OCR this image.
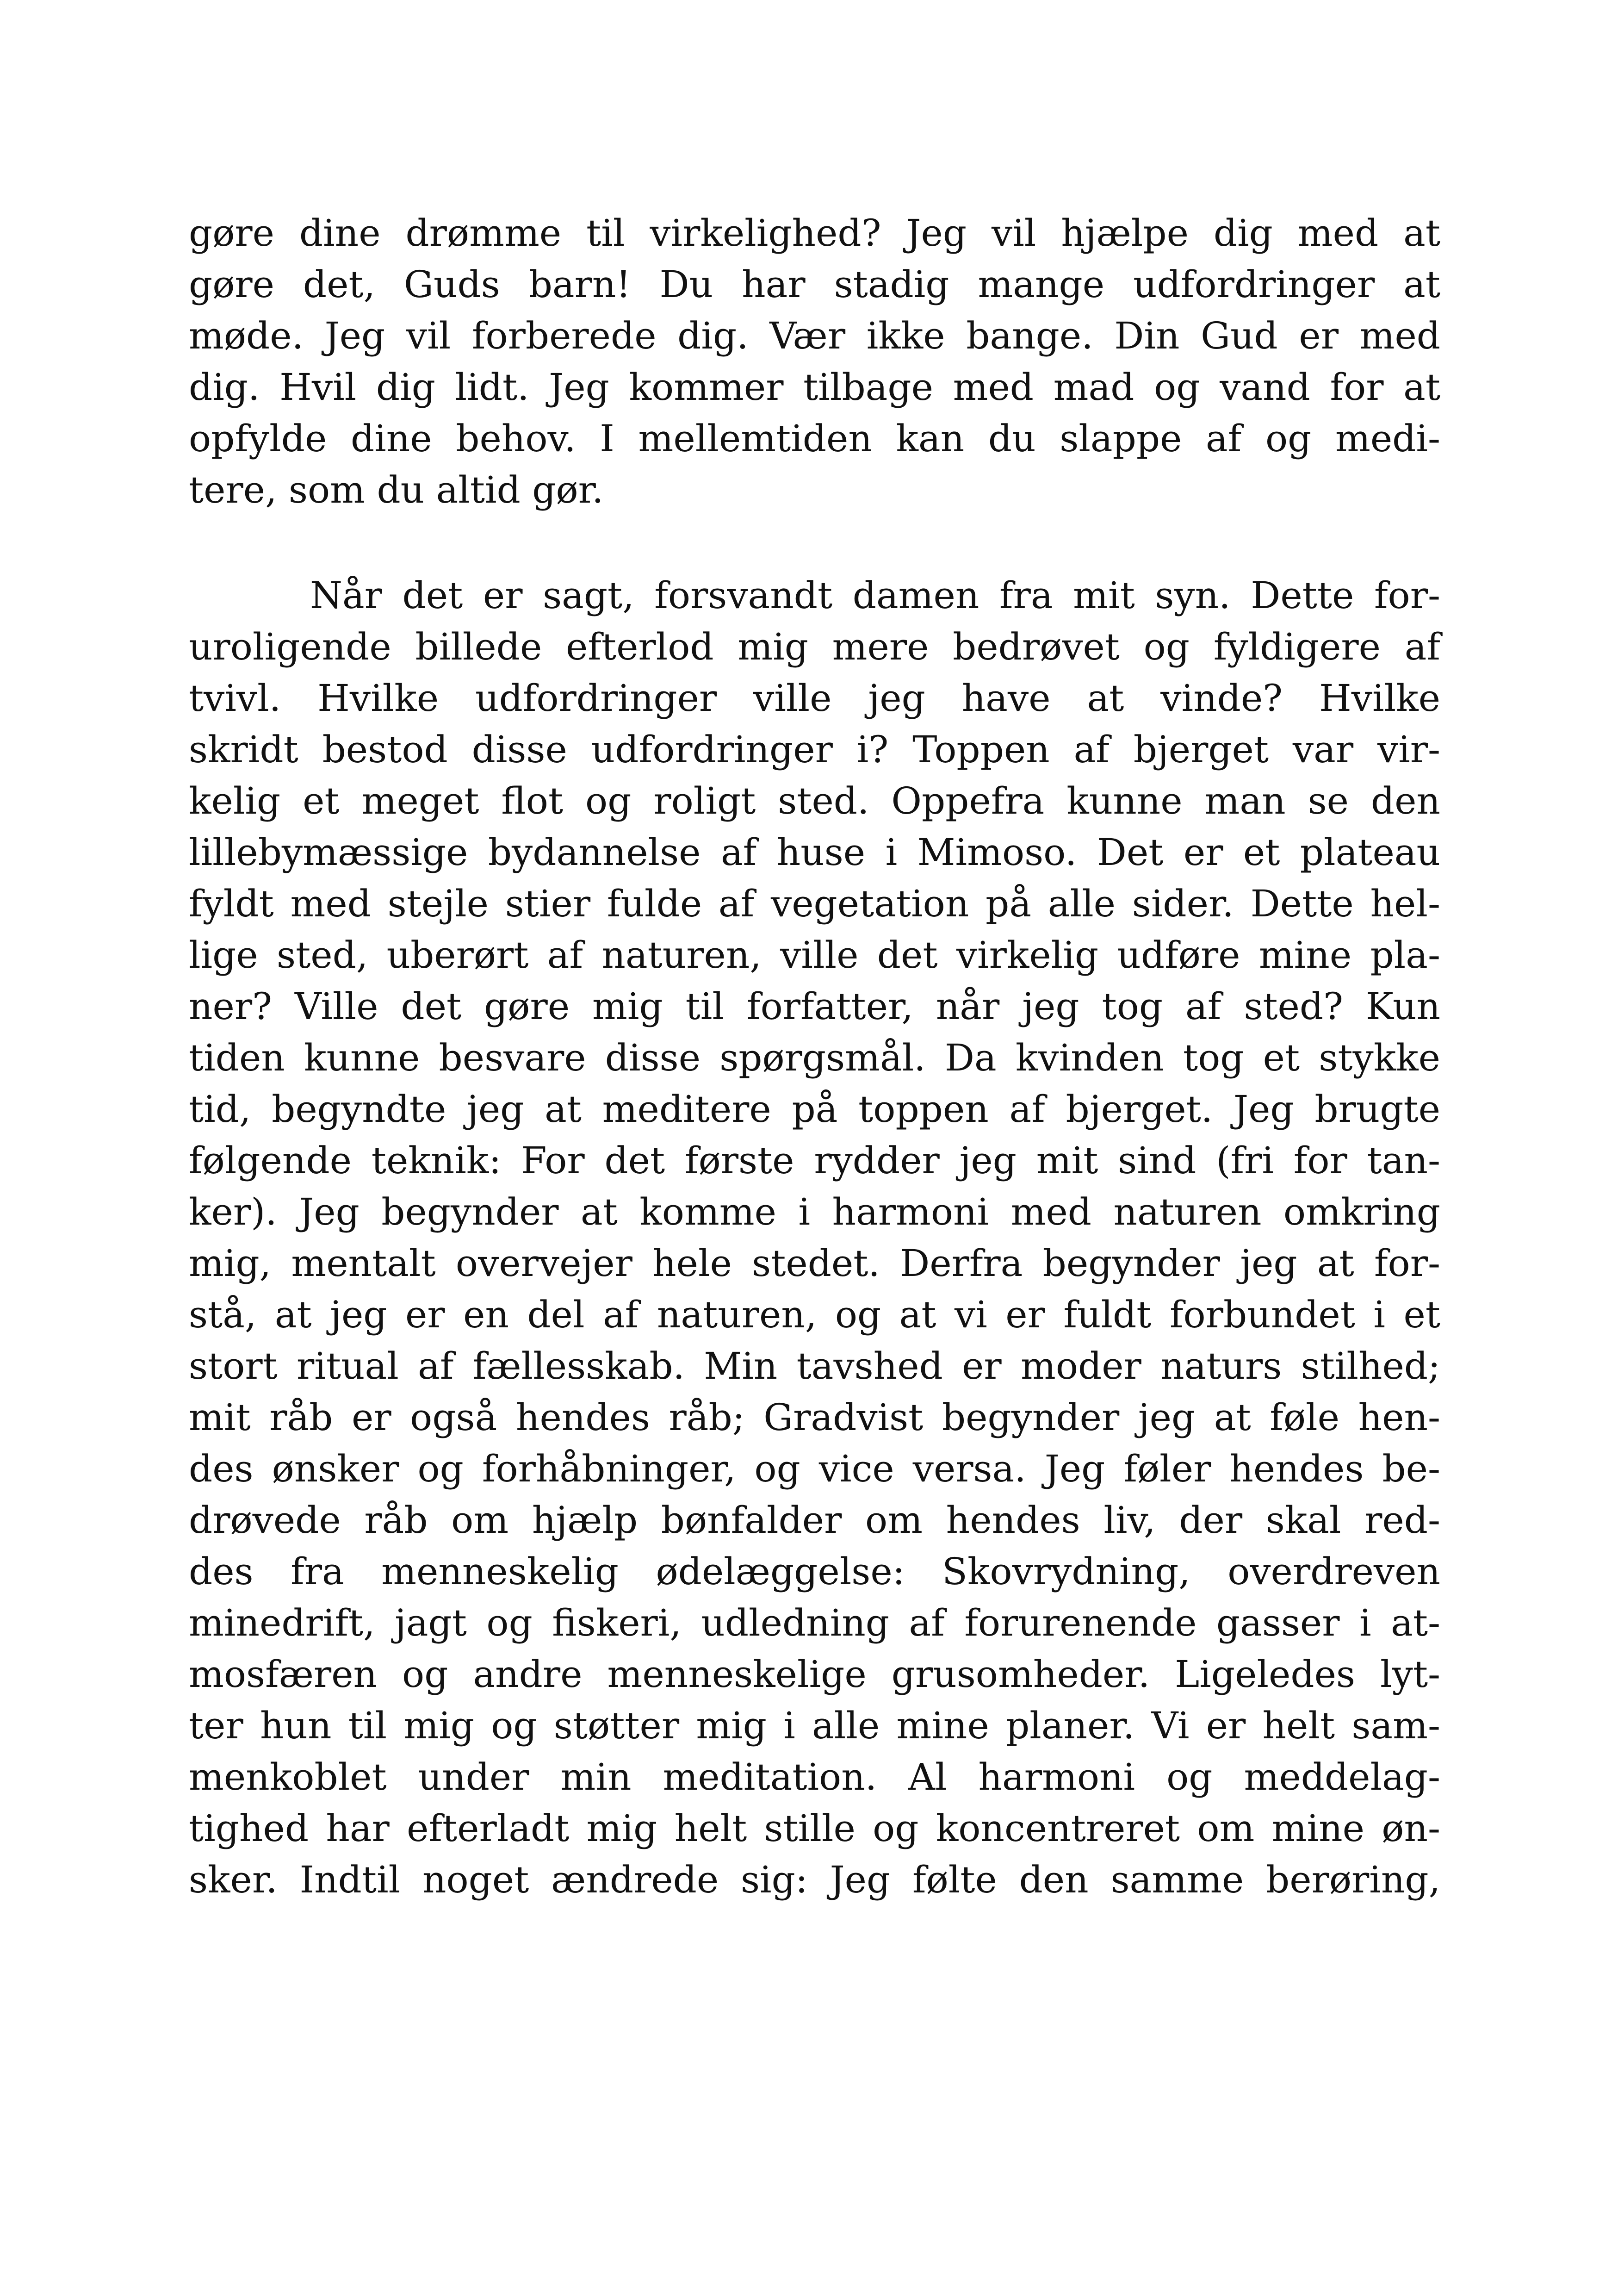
gøre dine drømme til virkelighed? Jeg vil hjælpe dig med at
gøre det, Guds barn! Du har stadig mange udfordringer at
møde. Jeg vil forberede dig. Vær ikke bange. Din Gud er med
dig. Hvil dig lidt. Jeg kommer tilbage med mad og vand for at
opfylde dine behov. I mellemtiden kan du slappe af og medi-
tere, som du altid gør.
Når det er sagt, forsvandt damen fra mit syn. Dette for-
uroligende billede efterlod mig mere bedrøvet og fyldigere af
tvivl. Hvilke udfordringer ville jeg have at vinde? Hvilke
skridt bestod disse udfordringer i? Toppen af bjerget var vir-
kelig et meget flot og roligt sted. Oppefra kunne man se den
lillebymæssige bydannelse af huse i Mimoso. Det er et plateau
fyldt med stejle stier fulde af vegetation på alle sider. Dette hel-
lige sted, uberørt af naturen, ville det virkelig udføre mine pla-
ner? Ville det gøre mig til forfatter, når jeg tog af sted? Kun
tiden kunne besvare disse spørgsmål. Da kvinden tog et stykke
tid, begyndte jeg at meditere på toppen af bjerget. Jeg brugte
følgende teknik: For det første rydder jeg mit sind (fri for tan-
ker). Jeg begynder at komme i harmoni med naturen omkring
mig, mentalt overvejer hele stedet. Derfra begynder jeg at for-
stå, at jeg er en del af naturen, og at vi er fuldt forbundet i et
stort ritual af fællesskab. Min tavshed er moder naturs stilhed;
mit råb er også hendes råb; Gradvist begynder jeg at føle hen-
des ønsker og forhåbninger, og vice versa. Jeg føler hendes be-
drøvede råb om hjælp bønfalder om hendes liv, der skal red-
des fra menneskelig ødelæggelse: Skovrydning, overdreven
minedrift, jagt og fiskeri, udledning af forurenende gasser i at-
mosfæren og andre menneskelige grusomheder. Ligeledes lyt-
ter hun til mig og støtter mig i alle mine planer. Vi er helt sam-
menkoblet under min meditation. Al harmoni og meddelag-
tighed har efterladt mig helt stille og koncentreret om mine øn-
sker. Indtil noget ændrede sig: Jeg følte den samme berøring,
